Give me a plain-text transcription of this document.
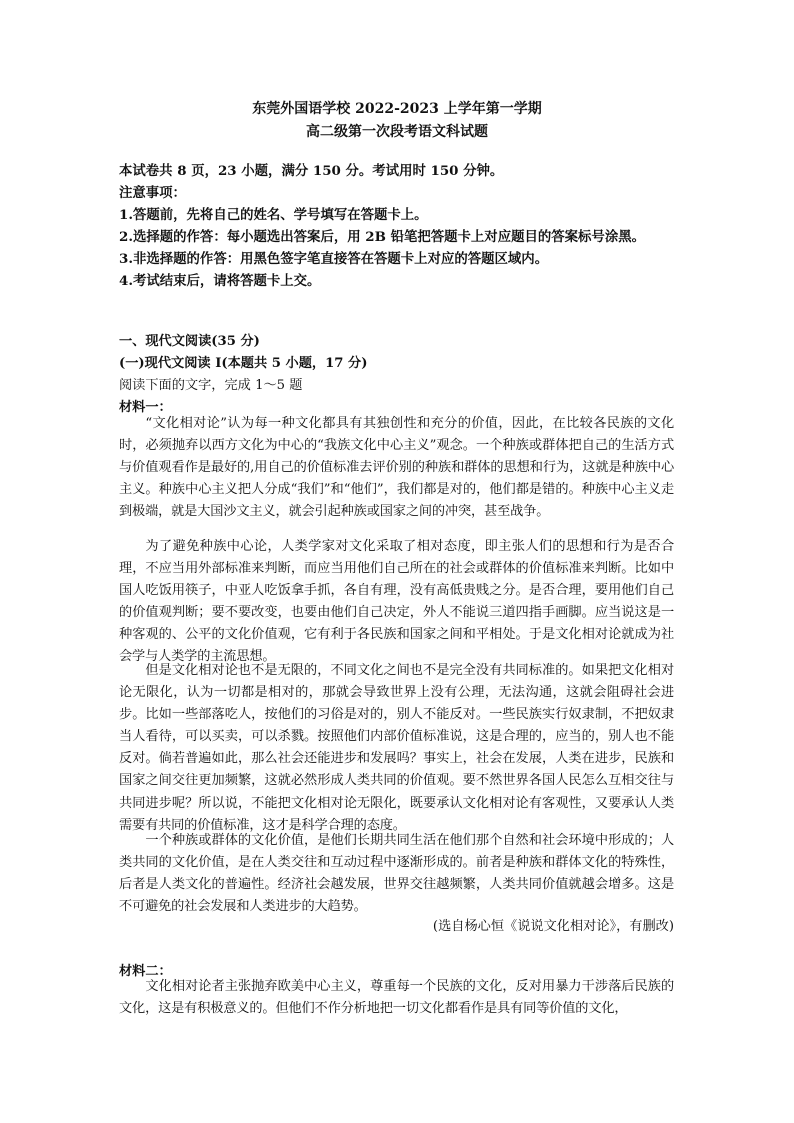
东莞外国语学校 2022-2023 上学年第一学期
高二级第一次段考语文科试题
本试卷共 8 页，23 小题，满分 150 分。考试用时 150 分钟。
注意事项：
1.答题前，先将自己的姓名、学号填写在答题卡上。
2.选择题的作答：每小题选出答案后，用 2B 铅笔把答题卡上对应题目的答案标号涂黑。
3.非选择题的作答：用黑色签字笔直接答在答题卡上对应的答题区域内。
4.考试结束后，请将答题卡上交。
一、现代文阅读(35 分)
(一)现代文阅读 I(本题共 5 小题，17 分)
阅读下面的文字，完成 1～5 题
材料一：

“文化相对论”认为每一种文化都具有其独创性和充分的价值，因此，在比较各民族的文化时，必须抛弃以西方文化为中心的“我族文化中心主义”观念。一个种族或群体把自己的生活方式与价值观看作是最好的,用自己的价值标准去评价别的种族和群体的思想和行为，这就是种族中心主义。种族中心主义把人分成“我们”和“他们”，我们都是对的，他们都是错的。种族中心主义走到极端，就是大国沙文主义，就会引起种族或国家之间的冲突，甚至战争。

为了避免种族中心论，人类学家对文化采取了相对态度，即主张人们的思想和行为是否合理，不应当用外部标准来判断，而应当用他们自己所在的社会或群体的价值标准来判断。比如中国人吃饭用筷子，中亚人吃饭拿手抓，各自有理，没有高低贵贱之分。是否合理，要用他们自己的价值观判断；要不要改变，也要由他们自己决定，外人不能说三道四指手画脚。应当说这是一种客观的、公平的文化价值观，它有利于各民族和国家之间和平相处。于是文化相对论就成为社会学与人类学的主流思想。

但是文化相对论也不是无限的，不同文化之间也不是完全没有共同标准的。如果把文化相对论无限化，认为一切都是相对的，那就会导致世界上没有公理，无法沟通，这就会阻碍社会进步。比如一些部落吃人，按他们的习俗是对的，别人不能反对。一些民族实行奴隶制，不把奴隶当人看待，可以买卖，可以杀戮。按照他们内部价值标准说，这是合理的，应当的，别人也不能反对。倘若普遍如此，那么社会还能进步和发展吗？事实上，社会在发展，人类在进步，民族和国家之间交往更加频繁，这就必然形成人类共同的价值观。要不然世界各国人民怎么互相交往与共同进步呢？所以说，不能把文化相对论无限化，既要承认文化相对论有客观性，又要承认人类需要有共同的价值标准，这才是科学合理的态度。

一个种族或群体的文化价值，是他们长期共同生活在他们那个自然和社会环境中形成的；人类共同的文化价值，是在人类交往和互动过程中逐渐形成的。前者是种族和群体文化的特殊性，后者是人类文化的普遍性。经济社会越发展，世界交往越频繁，人类共同价值就越会增多。这是不可避免的社会发展和人类进步的大趋势。

(选自杨心恒《说说文化相对论》，有删改)
材料二：

文化相对论者主张抛弃欧美中心主义，尊重每一个民族的文化，反对用暴力干涉落后民族的文化，这是有积极意义的。但他们不作分析地把一切文化都看作是具有同等价值的文化，
